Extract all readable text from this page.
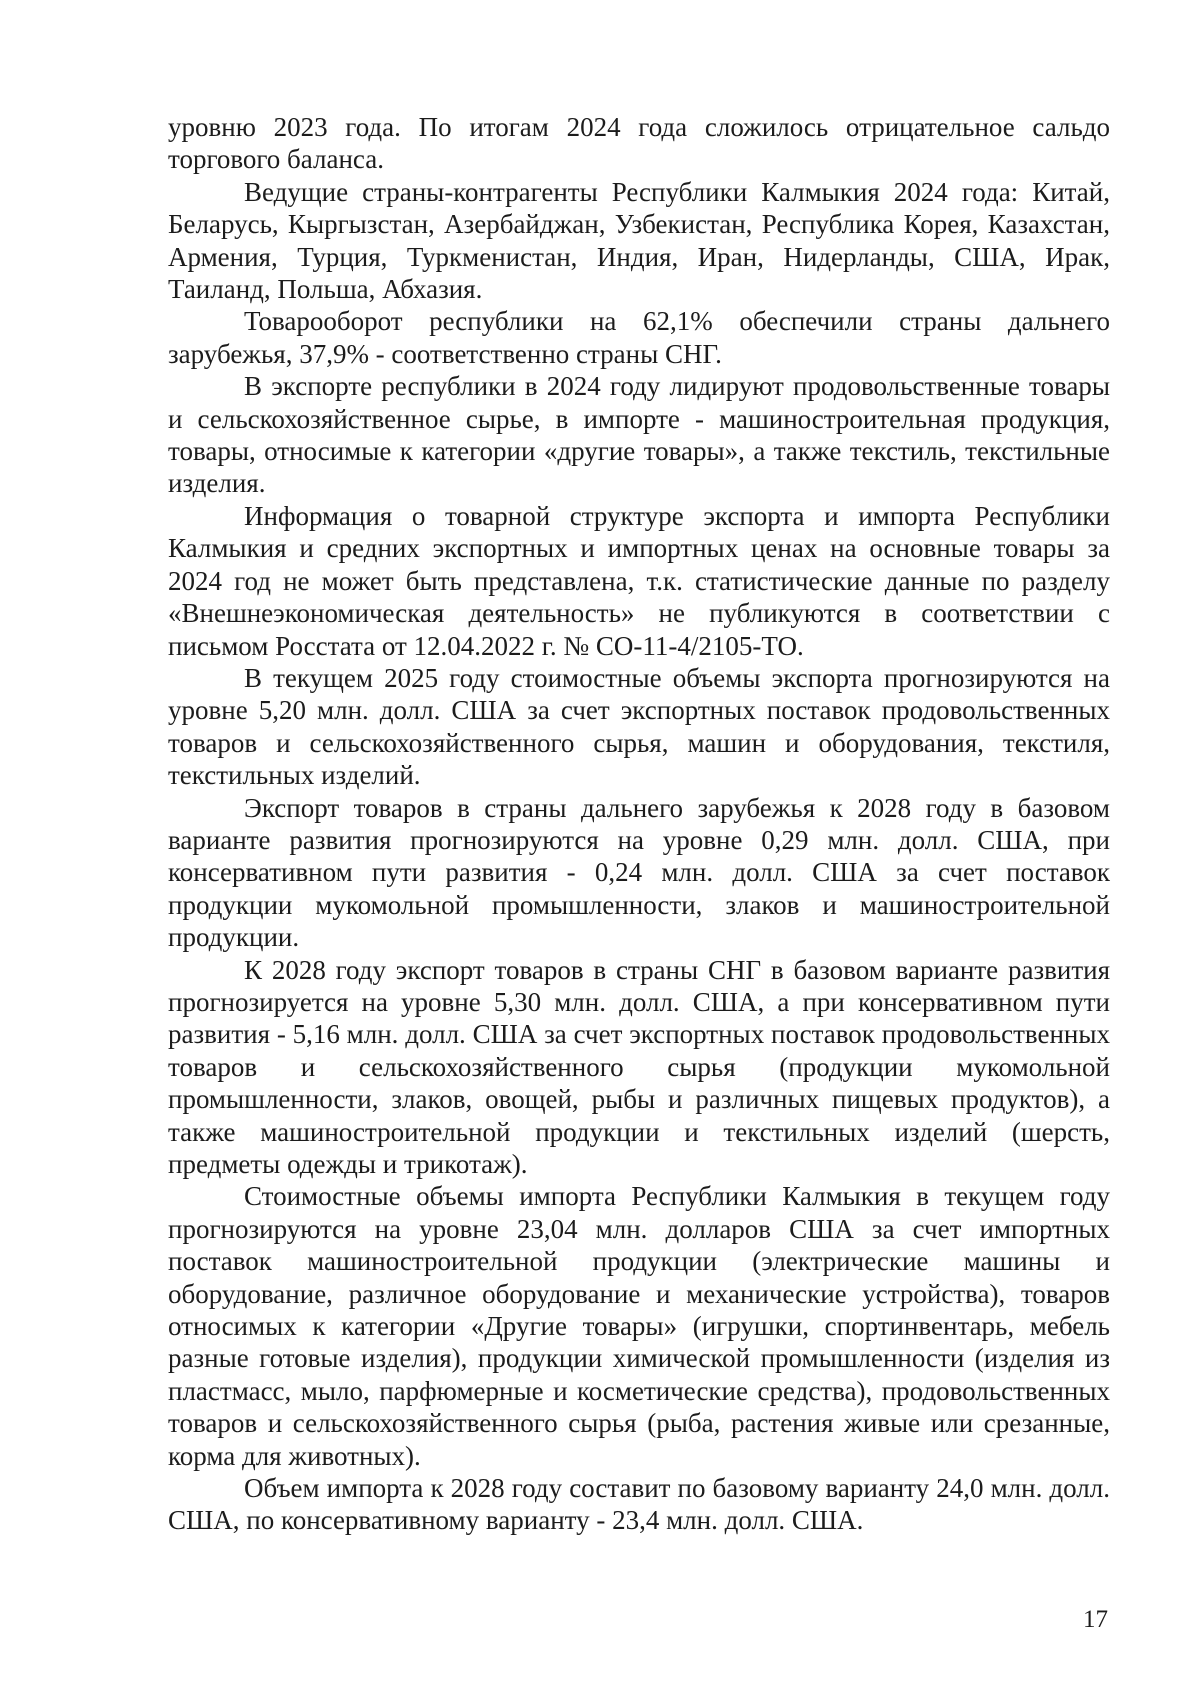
уровню 2023 года. По итогам 2024 года сложилось отрицательное сальдо торгового баланса.

Ведущие страны-контрагенты Республики Калмыкия 2024 года: Китай, Беларусь, Кыргызстан, Азербайджан, Узбекистан, Республика Корея, Казахстан, Армения, Турция, Туркменистан, Индия, Иран, Нидерланды, США, Ирак, Таиланд, Польша, Абхазия.

Товарооборот республики на 62,1% обеспечили страны дальнего зарубежья, 37,9% - соответственно страны СНГ.

В экспорте республики в 2024 году лидируют продовольственные товары и сельскохозяйственное сырье, в импорте - машиностроительная продукция, товары, относимые к категории «другие товары», а также текстиль, текстильные изделия.

Информация о товарной структуре экспорта и импорта Республики Калмыкия и средних экспортных и импортных ценах на основные товары за 2024 год не может быть представлена, т.к. статистические данные по разделу «Внешнеэкономическая деятельность» не публикуются в соответствии с письмом Росстата от 12.04.2022 г. № СО-11-4/2105-ТО.

В текущем 2025 году стоимостные объемы экспорта прогнозируются на уровне 5,20 млн. долл. США за счет экспортных поставок продовольственных товаров и сельскохозяйственного сырья, машин и оборудования, текстиля, текстильных изделий.

Экспорт товаров в страны дальнего зарубежья к 2028 году в базовом варианте развития прогнозируются на уровне 0,29 млн. долл. США, при консервативном пути развития - 0,24 млн. долл. США за счет поставок продукции мукомольной промышленности, злаков и машиностроительной продукции.

К 2028 году экспорт товаров в страны СНГ в базовом варианте развития прогнозируется на уровне 5,30 млн. долл. США, а при консервативном пути развития - 5,16 млн. долл. США за счет экспортных поставок продовольственных товаров и сельскохозяйственного сырья (продукции мукомольной промышленности, злаков, овощей, рыбы и различных пищевых продуктов), а также машиностроительной продукции и текстильных изделий (шерсть, предметы одежды и трикотаж).

Стоимостные объемы импорта Республики Калмыкия в текущем году прогнозируются на уровне 23,04 млн. долларов США за счет импортных поставок машиностроительной продукции (электрические машины и оборудование, различное оборудование и механические устройства), товаров относимых к категории «Другие товары» (игрушки, спортинвентарь, мебель разные готовые изделия), продукции химической промышленности (изделия из пластмасс, мыло, парфюмерные и косметические средства), продовольственных товаров и сельскохозяйственного сырья (рыба, растения живые или срезанные, корма для животных).

Объем импорта к 2028 году составит по базовому варианту 24,0 млн. долл. США, по консервативному варианту - 23,4 млн. долл. США.

17
